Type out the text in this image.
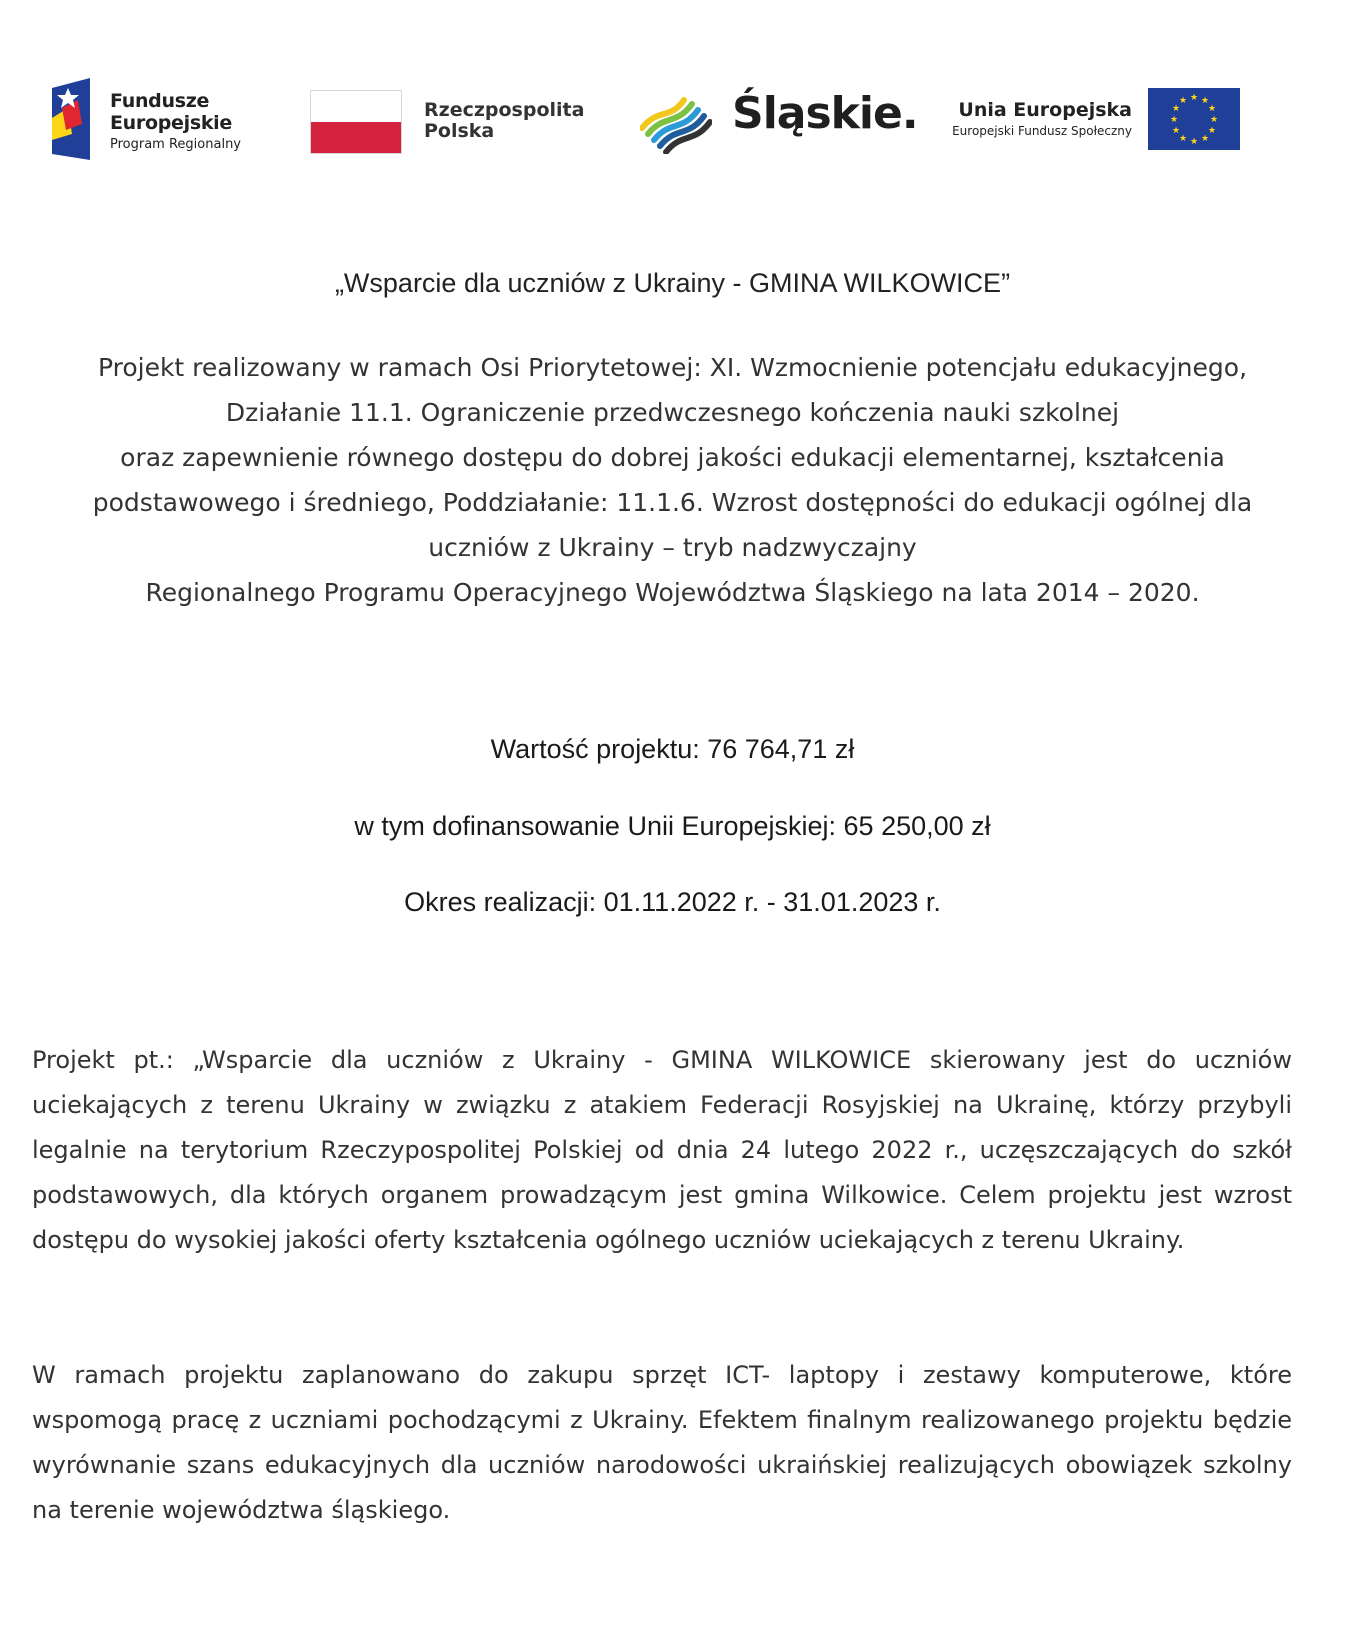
Fundusze
Europejskie
Program Regionalny
Rzeczpospolita
Polska	Śląskie.	Unia Europejska
Europejski Fundusz Społeczny
★ ★
★
★
★
★
★
★
★
★
★
★
„Wsparcie dla uczniów z Ukrainy - GMINA WILKOWICE”
Projekt realizowany w ramach Osi Priorytetowej: XI. Wzmocnienie potencjału edukacyjnego,
Działanie 11.1. Ograniczenie przedwczesnego kończenia nauki szkolnej
oraz zapewnienie równego dostępu do dobrej jakości edukacji elementarnej, kształcenia
podstawowego i średniego, Poddziałanie: 11.1.6. Wzrost dostępności do edukacji ogólnej dla
uczniów z Ukrainy – tryb nadzwyczajny
Regionalnego Programu Operacyjnego Województwa Śląskiego na lata 2014 – 2020.
Wartość projektu: 76 764,71 zł
w tym dofinansowanie Unii Europejskiej: 65 250,00 zł
Okres realizacji: 01.11.2022 r. - 31.01.2023 r.
Projekt pt.: „Wsparcie dla uczniów z Ukrainy - GMINA WILKOWICE skierowany jest do uczniów uciekających z terenu Ukrainy w związku z atakiem Federacji Rosyjskiej na Ukrainę, którzy przybyli legalnie na terytorium Rzeczypospolitej Polskiej od dnia 24 lutego 2022 r., uczęszczających do szkół podstawowych, dla których organem prowadzącym jest gmina Wilkowice. Celem projektu jest wzrost dostępu do wysokiej jakości oferty kształcenia ogólnego uczniów uciekających z terenu Ukrainy.
W ramach projektu zaplanowano do zakupu sprzęt ICT- laptopy i zestawy komputerowe, które wspomogą pracę z uczniami pochodzącymi z Ukrainy. Efektem finalnym realizowanego projektu będzie wyrównanie szans edukacyjnych dla uczniów narodowości ukraińskiej realizujących obowiązek szkolny na terenie województwa śląskiego.
